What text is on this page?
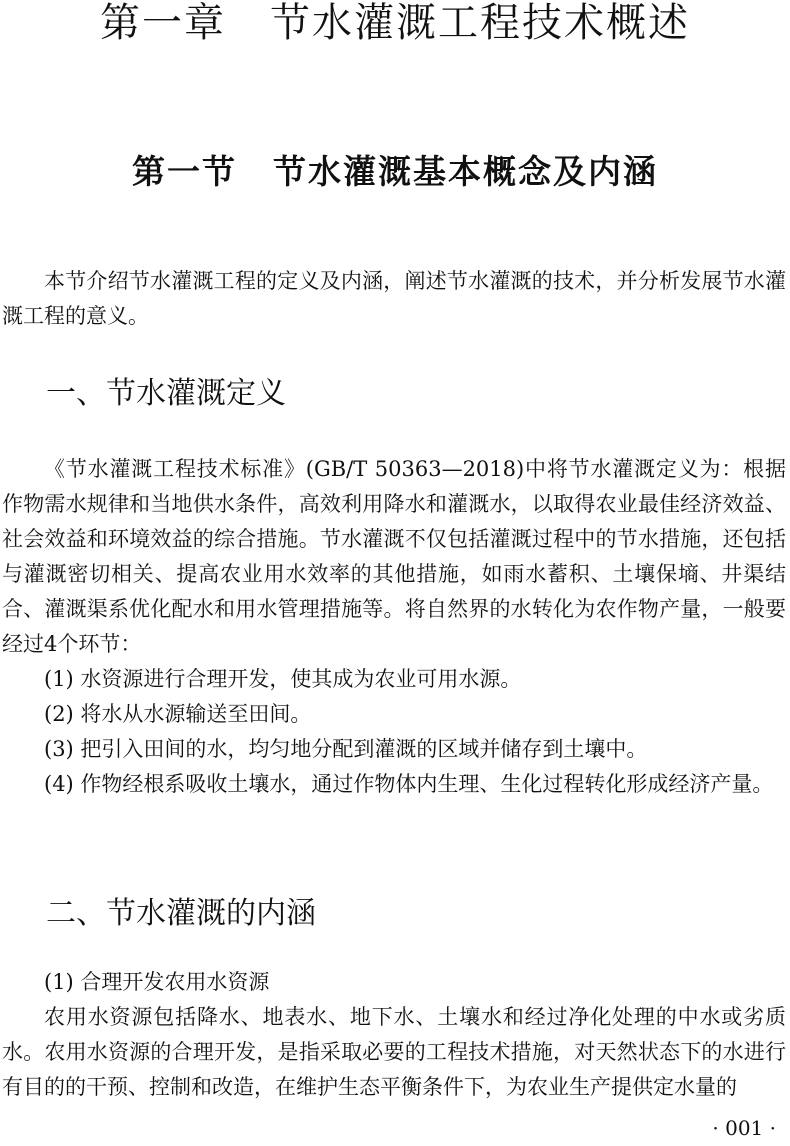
第一章 节水灌溉工程技术概述
第一节 节水灌溉基本概念及内涵

本节介绍节水灌溉工程的定义及内涵，阐述节水灌溉的技术，并分析发展节水灌溉工程的意义。

一、节水灌溉定义

《节水灌溉工程技术标准》(GB/T 50363—2018)中将节水灌溉定义为：根据作物需水规律和当地供水条件，高效利用降水和灌溉水，以取得农业最佳经济效益、社会效益和环境效益的综合措施。节水灌溉不仅包括灌溉过程中的节水措施，还包括与灌溉密切相关、提高农业用水效率的其他措施，如雨水蓄积、土壤保墒、井渠结合、灌溉渠系优化配水和用水管理措施等。将自然界的水转化为农作物产量，一般要经过4个环节：

(1) 水资源进行合理开发，使其成为农业可用水源。

(2) 将水从水源输送至田间。

(3) 把引入田间的水，均匀地分配到灌溉的区域并储存到土壤中。

(4) 作物经根系吸收土壤水，通过作物体内生理、生化过程转化形成经济产量。

二、节水灌溉的内涵

(1) 合理开发农用水资源

农用水资源包括降水、地表水、地下水、土壤水和经过净化处理的中水或劣质水。农用水资源的合理开发，是指采取必要的工程技术措施，对天然状态下的水进行有目的的干预、控制和改造，在维护生态平衡条件下，为农业生产提供定水量的

· 001 ·
